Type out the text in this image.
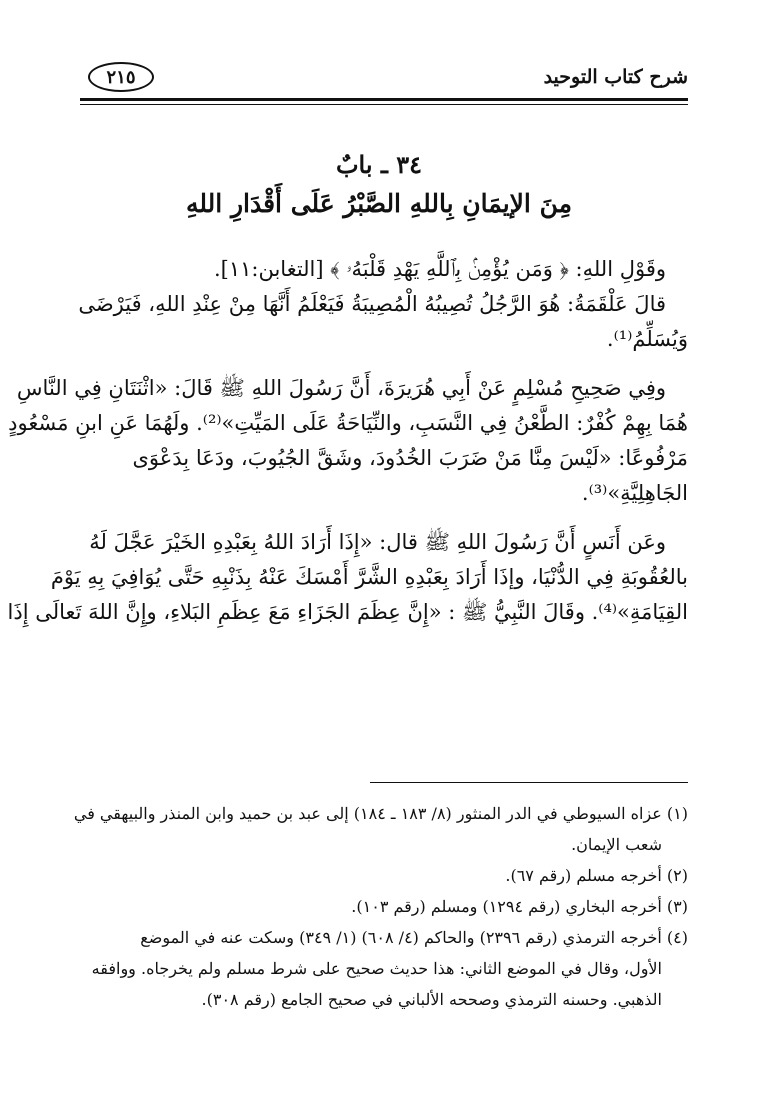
شرح كتاب التوحيد
٢١٥
٣٤ ـ بابٌ
مِنَ الإيمَانِ بِاللهِ الصَّبْرُ عَلَى أَقْدَارِ اللهِ
وقَوْلِ اللهِ: ﴿ وَمَن يُؤْمِنۢ بِٱللَّهِ يَهْدِ قَلْبَهُۥ ﴾ [التغابن:١١].
قالَ عَلْقَمَةُ: هُوَ الرَّجُلُ تُصِيبُهُ الْمُصِيبَةُ فَيَعْلَمُ أَنَّهَا مِنْ عِنْدِ اللهِ، فَيَرْضَى
وَيُسَلِّمُ⁽¹⁾.
وفِي صَحِيحِ مُسْلِمٍ عَنْ أَبِي هُرَيرَةَ، أَنَّ رَسُولَ اللهِ ﷺ قَالَ: «اثْنَتَانِ فِي النَّاسِ
هُمَا بِهِمْ كُفْرٌ: الطَّعْنُ فِي النَّسَبِ، والنِّيَاحَةُ عَلَى المَيِّتِ»⁽²⁾. ولَهُمَا عَنِ ابنِ مَسْعُودٍ
مَرْفُوعًا: «لَيْسَ مِنَّا مَنْ ضَرَبَ الخُدُودَ، وشَقَّ الجُيُوبَ، ودَعَا بِدَعْوَى
الجَاهِلِيَّةِ»⁽³⁾.
وعَن أَنَسٍ أَنَّ رَسُولَ اللهِ ﷺ قال: «إِذَا أَرَادَ اللهُ بِعَبْدِهِ الخَيْرَ عَجَّلَ لَهُ
بالعُقُوبَةِ فِي الدُّنْيَا، وإذَا أَرَادَ بِعَبْدِهِ الشَّرَّ أَمْسَكَ عَنْهُ بِذَنْبِهِ حَتَّى يُوَافِيَ بِهِ يَوْمَ
القِيَامَةِ»⁽⁴⁾. وقَالَ النَّبِيُّ ﷺ : «إِنَّ عِظَمَ الجَزَاءِ مَعَ عِظَمِ البَلاءِ، وإِنَّ اللهَ تَعالَى إِذَا
(١) عزاه السيوطي في الدر المنثور (٨/ ١٨٣ ـ ١٨٤) إلى عبد بن حميد وابن المنذر والبيهقي في
شعب الإيمان.
(٢) أخرجه مسلم (رقم ٦٧).
(٣) أخرجه البخاري (رقم ١٢٩٤) ومسلم (رقم ١٠٣).
(٤) أخرجه الترمذي (رقم ٢٣٩٦) والحاكم (٤/ ٦٠٨) (١/ ٣٤٩) وسكت عنه في الموضع
الأول، وقال في الموضع الثاني: هذا حديث صحيح على شرط مسلم ولم يخرجاه. ووافقه
الذهبي. وحسنه الترمذي وصححه الألباني في صحيح الجامع (رقم ٣٠٨).
